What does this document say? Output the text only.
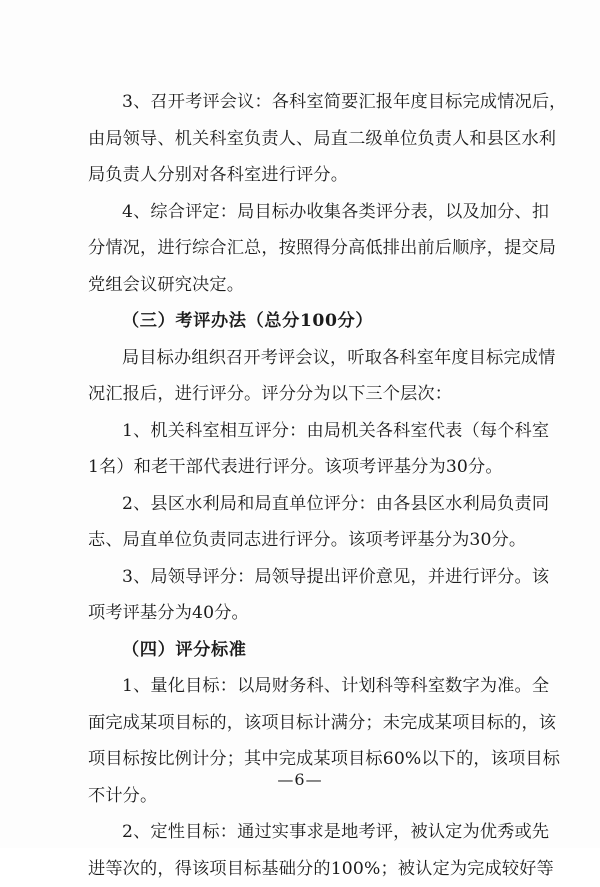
3、召开考评会议：各科室简要汇报年度目标完成情况后，
由局领导、机关科室负责人、局直二级单位负责人和县区水利
局负责人分别对各科室进行评分。
4、综合评定：局目标办收集各类评分表，以及加分、扣
分情况，进行综合汇总，按照得分高低排出前后顺序，提交局
党组会议研究决定。
（三）考评办法（总分100分）
局目标办组织召开考评会议，听取各科室年度目标完成情
况汇报后，进行评分。评分分为以下三个层次：
1、机关科室相互评分：由局机关各科室代表（每个科室
1名）和老干部代表进行评分。该项考评基分为30分。
2、县区水利局和局直单位评分：由各县区水利局负责同
志、局直单位负责同志进行评分。该项考评基分为30分。
3、局领导评分：局领导提出评价意见，并进行评分。该
项考评基分为40分。
（四）评分标准
1、量化目标：以局财务科、计划科等科室数字为准。全
面完成某项目标的，该项目标计满分；未完成某项目标的，该
项目标按比例计分；其中完成某项目标60%以下的，该项目标
不计分。
2、定性目标：通过实事求是地考评，被认定为优秀或先
进等次的，得该项目标基础分的100%；被认定为完成较好等
—6—
